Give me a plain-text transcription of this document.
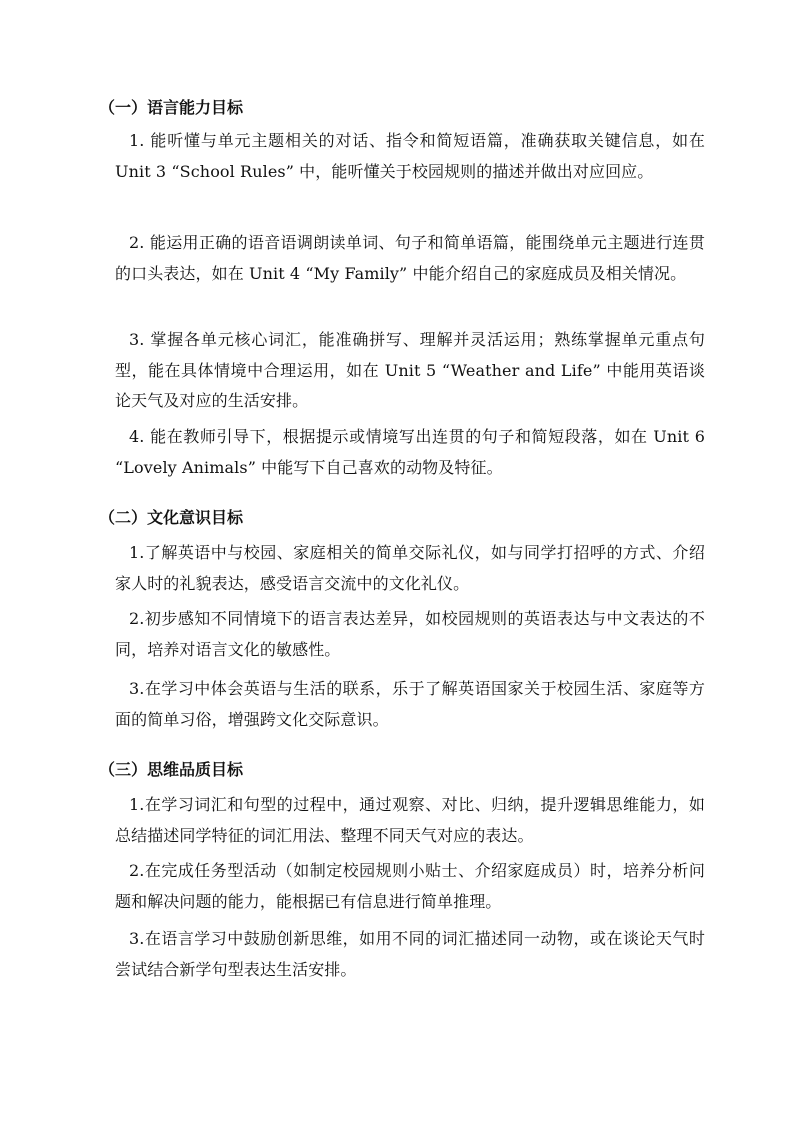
（一）语言能力目标

1. 能听懂与单元主题相关的对话、指令和简短语篇，准确获取关键信息，如在Unit 3 “School Rules” 中，能听懂关于校园规则的描述并做出对应回应。

2. 能运用正确的语音语调朗读单词、句子和简单语篇，能围绕单元主题进行连贯的口头表达，如在 Unit 4 “My Family” 中能介绍自己的家庭成员及相关情况。

3. 掌握各单元核心词汇，能准确拼写、理解并灵活运用；熟练掌握单元重点句型，能在具体情境中合理运用，如在 Unit 5 “Weather and Life” 中能用英语谈论天气及对应的生活安排。

4. 能在教师引导下，根据提示或情境写出连贯的句子和简短段落，如在 Unit 6 “Lovely Animals” 中能写下自己喜欢的动物及特征。

（二）文化意识目标

1.了解英语中与校园、家庭相关的简单交际礼仪，如与同学打招呼的方式、介绍家人时的礼貌表达，感受语言交流中的文化礼仪。

2.初步感知不同情境下的语言表达差异，如校园规则的英语表达与中文表达的不同，培养对语言文化的敏感性。

3.在学习中体会英语与生活的联系，乐于了解英语国家关于校园生活、家庭等方面的简单习俗，增强跨文化交际意识。

（三）思维品质目标

1.在学习词汇和句型的过程中，通过观察、对比、归纳，提升逻辑思维能力，如总结描述同学特征的词汇用法、整理不同天气对应的表达。

2.在完成任务型活动（如制定校园规则小贴士、介绍家庭成员）时，培养分析问题和解决问题的能力，能根据已有信息进行简单推理。

3.在语言学习中鼓励创新思维，如用不同的词汇描述同一动物，或在谈论天气时尝试结合新学句型表达生活安排。
